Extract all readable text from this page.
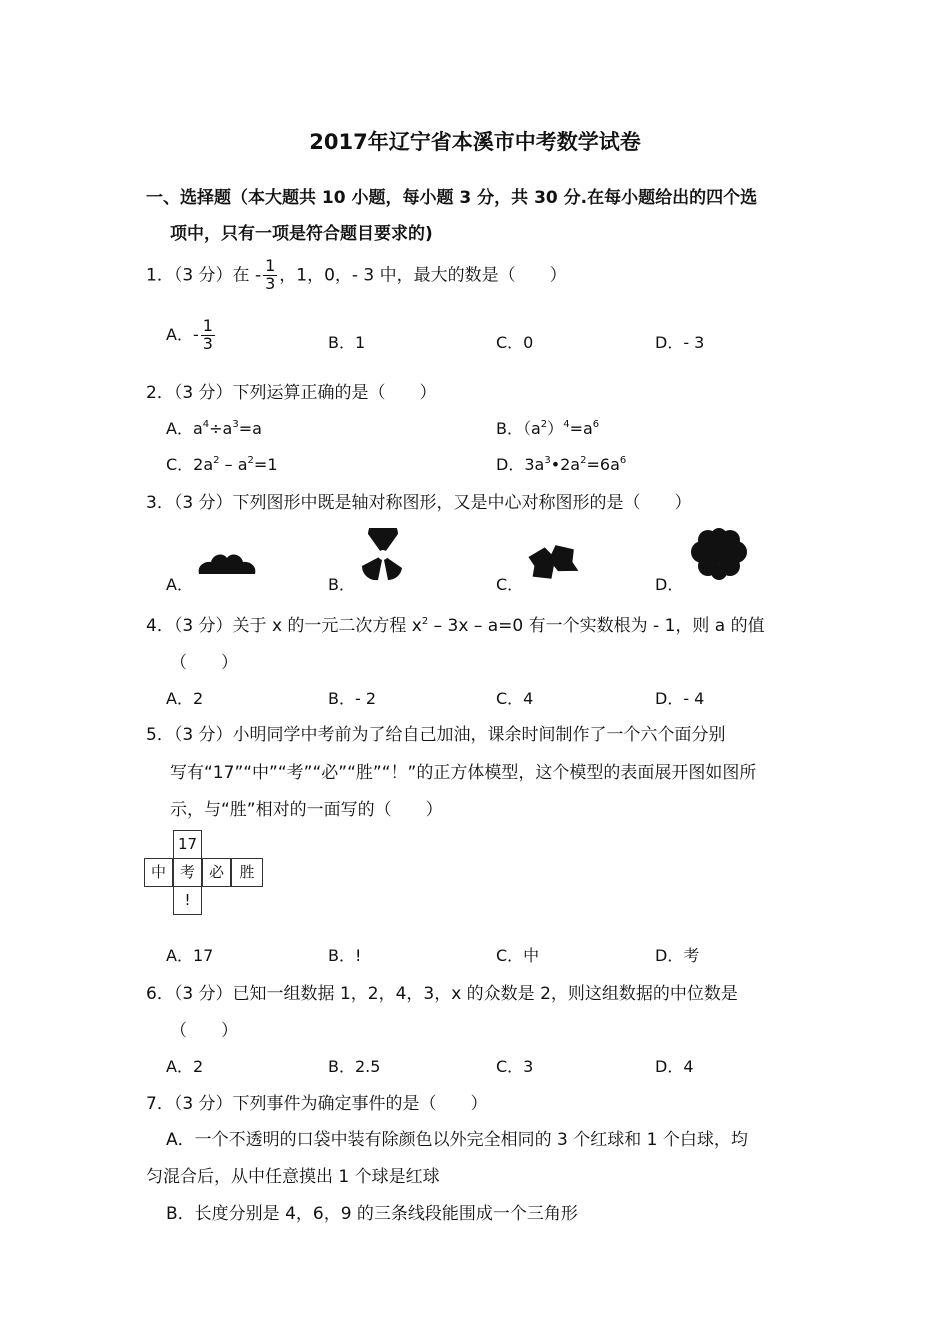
2017年辽宁省本溪市中考数学试卷
一、选择题（本大题共 10 小题，每小题 3 分，共 30 分.在每小题给出的四个选
项中，只有一项是符合题目要求的)
1．（3 分）在 - $\frac{1}{3}$ ，1，0，- 3 中，最大的数是（　　）
A．- $\frac{1}{3}$	B．1	C．0	D．- 3
2．（3 分）下列运算正确的是（　　）
A．$a^4\div a^3=a$	B．$(a^2)^4=a^6$
C．$2a^2 - a^2=1$	D．$3a^3•2a^2=6a^6$
3．（3 分）下列图形中既是轴对称图形，又是中心对称图形的是（　　）
A．	B．	C．	D．
4．（3 分）关于 x 的一元二次方程 $x^2 - 3x - a=0$ 有一个实数根为 - 1，则 a 的值
（　　）
A．2	B．- 2	C．4	D．- 4
5．（3 分）小明同学中考前为了给自己加油，课余时间制作了一个六个面分别
写有“17”“中”“考”“必”“胜”“！”的正方体模型，这个模型的表面展开图如图所
示，与“胜”相对的一面写的（　　）
17
中 考 必	胜
!
A．17	B．!	C．中	D．考
6．（3 分）已知一组数据 1，2，4，3，x 的众数是 2，则这组数据的中位数是
（　　）
A．2	B．2.5	C．3	D．4
7．（3 分）下列事件为确定事件的是（　　）
A．一个不透明的口袋中装有除颜色以外完全相同的 3 个红球和 1 个白球，均
匀混合后，从中任意摸出 1 个球是红球
B．长度分别是 4，6，9 的三条线段能围成一个三角形
